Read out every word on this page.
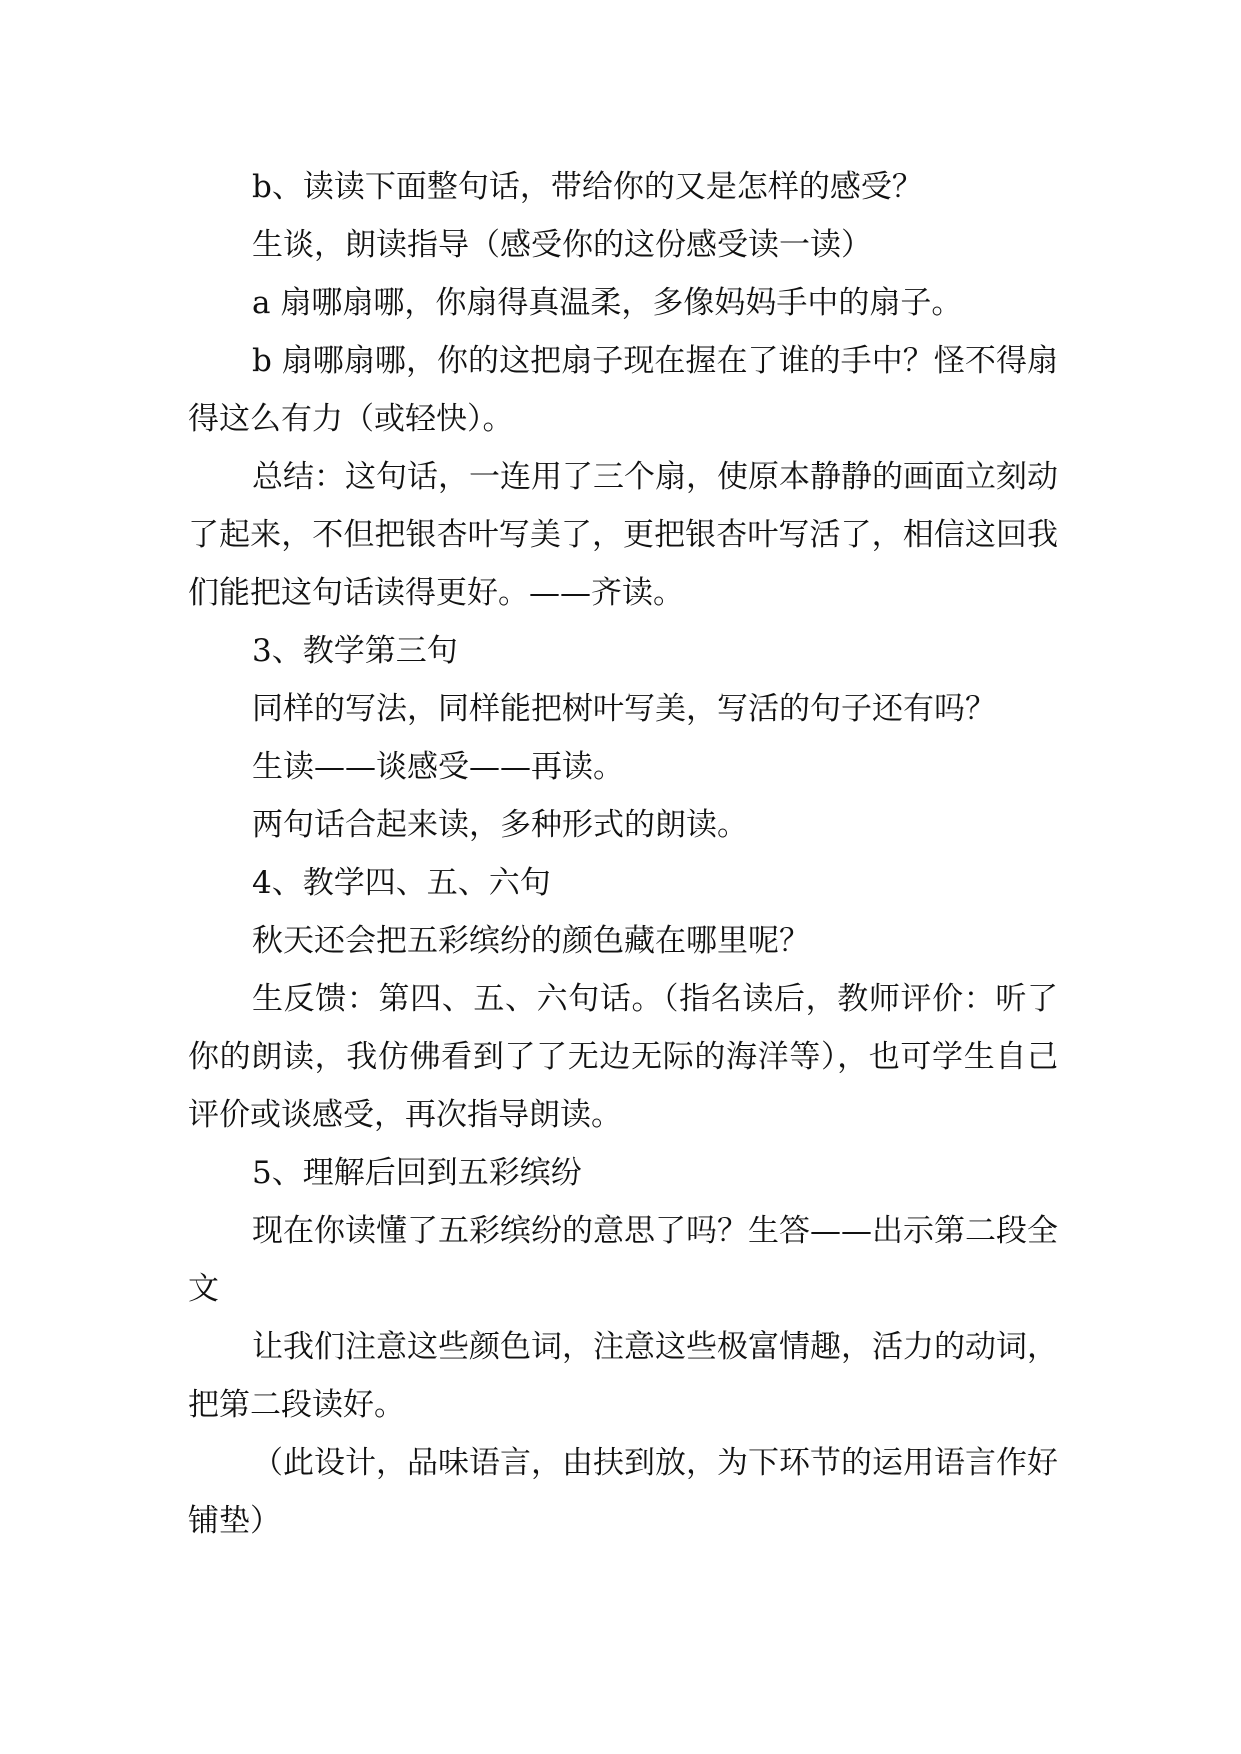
b、读读下面整句话，带给你的又是怎样的感受？

生谈，朗读指导（感受你的这份感受读一读）

a 扇哪扇哪，你扇得真温柔，多像妈妈手中的扇子。

b 扇哪扇哪，你的这把扇子现在握在了谁的手中？怪不得扇得这么有力（或轻快）。

总结：这句话，一连用了三个扇，使原本静静的画面立刻动了起来，不但把银杏叶写美了，更把银杏叶写活了，相信这回我们能把这句话读得更好。——齐读。

3、教学第三句

同样的写法，同样能把树叶写美，写活的句子还有吗？

生读——谈感受——再读。

两句话合起来读，多种形式的朗读。

4、教学四、五、六句

秋天还会把五彩缤纷的颜色藏在哪里呢？

生反馈：第四、五、六句话。（指名读后，教师评价：听了你的朗读，我仿佛看到了了无边无际的海洋等），也可学生自己评价或谈感受，再次指导朗读。

5、理解后回到五彩缤纷

现在你读懂了五彩缤纷的意思了吗？生答——出示第二段全文

让我们注意这些颜色词，注意这些极富情趣，活力的动词，把第二段读好。

（此设计，品味语言，由扶到放，为下环节的运用语言作好铺垫）
